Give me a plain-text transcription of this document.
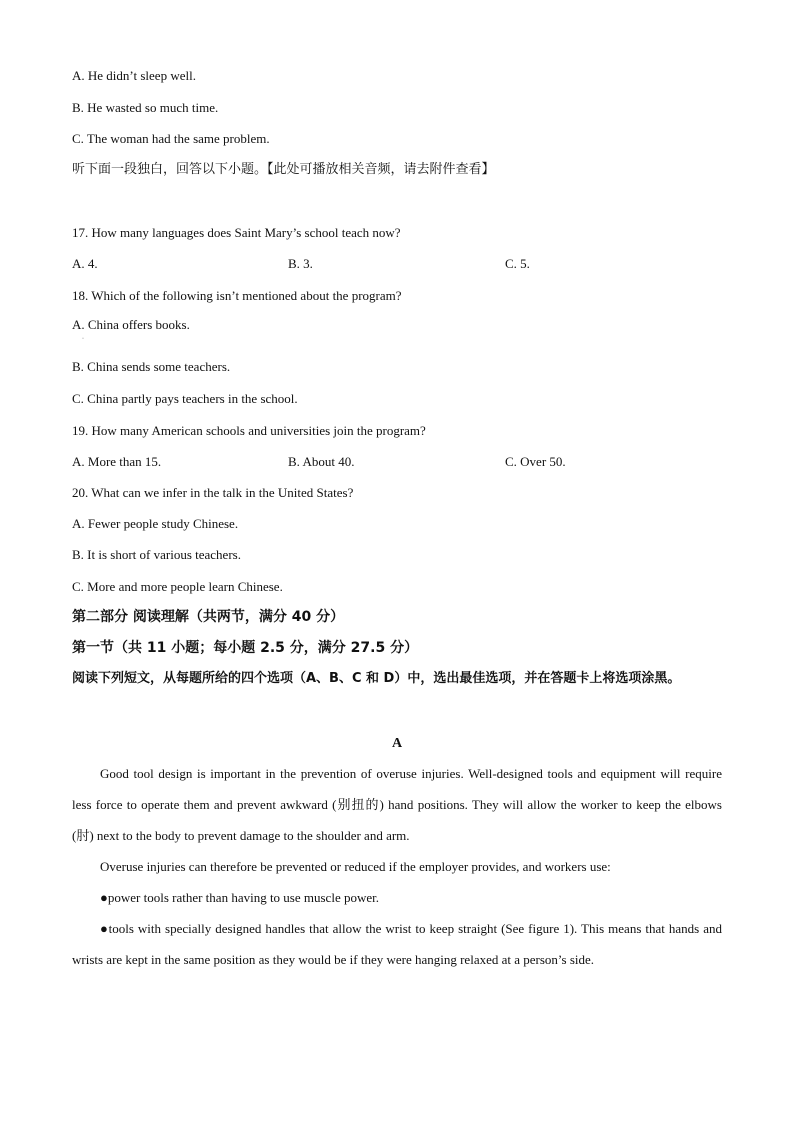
A. He didn’t sleep well.
B. He wasted so much time.
C. The woman had the same problem.
听下面一段独白，回答以下小题。【此处可播放相关音频，请去附件查看】
17. How many languages does Saint Mary’s school teach now?
A. 4.	B. 3.	C. 5.
18. Which of the following isn’t mentioned about the program?
A. China offers books.
·
B. China sends some teachers.
C. China partly pays teachers in the school.
19. How many American schools and universities join the program?
A. More than 15.	B. About 40.	C. Over 50.
20. What can we infer in the talk in the United States?
A. Fewer people study Chinese.
B. It is short of various teachers.
C. More and more people learn Chinese.
第二部分 阅读理解（共两节，满分 40 分）
第一节（共 11 小题；每小题 2.5 分，满分 27.5 分）
阅读下列短文，从每题所给的四个选项（A、B、C 和 D）中，选出最佳选项，并在答题卡上将选项涂黑。
A
Good tool design is important in the prevention of overuse injuries. Well-designed tools and equipment will require less force to operate them and prevent awkward (别扭的) hand positions. They will allow the worker to keep the elbows (肘) next to the body to prevent damage to the shoulder and arm.
Overuse injuries can therefore be prevented or reduced if the employer provides, and workers use:
●power tools rather than having to use muscle power.
●tools with specially designed handles that allow the wrist to keep straight (See figure 1). This means that hands and wrists are kept in the same position as they would be if they were hanging relaxed at a person’s side.
